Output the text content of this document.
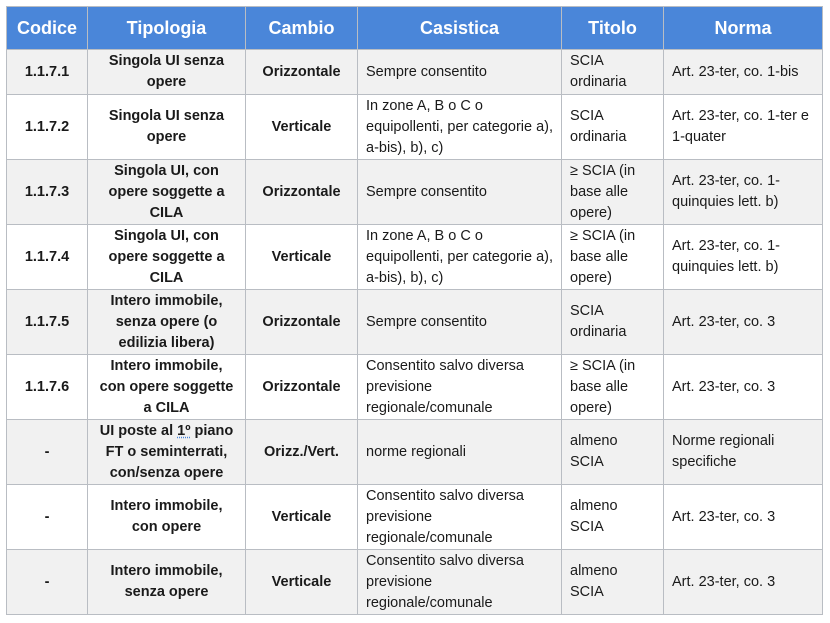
Codice	Tipologia	Cambio	Casistica	Titolo	Norma
1.1.7.1	Singola UI senza opere	Orizzontale	Sempre consentito	SCIA ordinaria	Art. 23-ter, co. 1-bis
1.1.7.2	Singola UI senza opere	Verticale	In zone A, B o C o equipollenti, per categorie a), a-bis), b), c)	SCIA ordinaria	Art. 23-ter, co. 1-ter e 1-quater
1.1.7.3	Singola UI, con opere soggette a CILA	Orizzontale	Sempre consentito	≥ SCIA (in base alle opere)	Art. 23-ter, co. 1-quinquies lett. b)
1.1.7.4	Singola UI, con opere soggette a CILA	Verticale	In zone A, B o C o equipollenti, per categorie a), a-bis), b), c)	≥ SCIA (in base alle opere)	Art. 23-ter, co. 1-quinquies lett. b)
1.1.7.5	Intero immobile, senza opere (o edilizia libera)	Orizzontale	Sempre consentito	SCIA ordinaria	Art. 23-ter, co. 3
1.1.7.6	Intero immobile, con opere soggette a CILA	Orizzontale	Consentito salvo diversa previsione regionale/comunale	≥ SCIA (in base alle opere)	Art. 23-ter, co. 3
-	UI poste al 1º piano FT o seminterrati, con/senza opere	Orizz./Vert.	norme regionali	almeno SCIA	Norme regionali specifiche
-	Intero immobile, con opere	Verticale	Consentito salvo diversa previsione regionale/comunale	almeno SCIA	Art. 23-ter, co. 3
-	Intero immobile, senza opere	Verticale	Consentito salvo diversa previsione regionale/comunale	almeno SCIA	Art. 23-ter, co. 3
